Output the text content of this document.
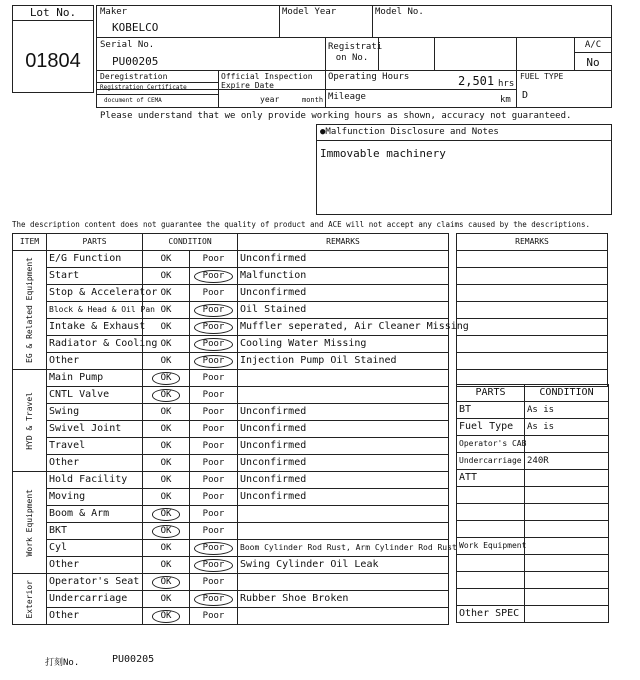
Lot No.
01804
Maker
KOBELCO
Model Year	Model No.
Serial No.
PU00205
Registrati on No.
A/C
No
Deregistration
Registration Certificate
document of CEMA
Official Inspection Expire Date
year	month
Operating Hours	2,501 hrs
Mileage	km
FUEL TYPE
D
Please understand that we only provide working hours as shown, accuracy not guaranteed.
●Malfunction Disclosure and Notes
Immovable machinery
The description content does not guarantee the quality of product and ACE will not accept any claims caused by the descriptions.
ITEM	PARTS	CONDITION		REMARKS

EG & Related Equipment	E/G Function	OK	Poor	Unconfirmed
	Start	OK	Poor	Malfunction
	Stop & Accelerator	OK	Poor	Unconfirmed
	Block & Head & Oil Pan	OK	Poor	Oil Stained
	Intake & Exhaust	OK	Poor	Muffler seperated, Air Cleaner Missing
	Radiator & Cooling	OK	Poor	Cooling Water Missing
	Other	OK	Poor	Injection Pump Oil Stained

HYD & Travel	Main Pump	OK	Poor	
	CNTL Valve	OK	Poor	
	Swing	OK	Poor	Unconfirmed
	Swivel Joint	OK	Poor	Unconfirmed
	Travel	OK	Poor	Unconfirmed
	Other	OK	Poor	Unconfirmed

Work Equipment	Hold Facility	OK	Poor	Unconfirmed
	Moving	OK	Poor	Unconfirmed
	Boom & Arm	OK	Poor	
	BKT	OK	Poor	
	Cyl	OK	Poor	Boom Cylinder Rod Rust, Arm Cylinder Rod Rust
	Other	OK	Poor	Swing Cylinder Oil Leak

Exterior	Operator's Seat	OK	Poor	
	Undercarriage	OK	Poor	Rubber Shoe Broken
	Other	OK	Poor	
REMARKS

PARTS	CONDITION
BT	As is
Fuel Type	As is
Operator's CAB	
Undercarriage	240R
ATT	

Work Equipment	

Other SPEC	
打刻No.	PU00205
